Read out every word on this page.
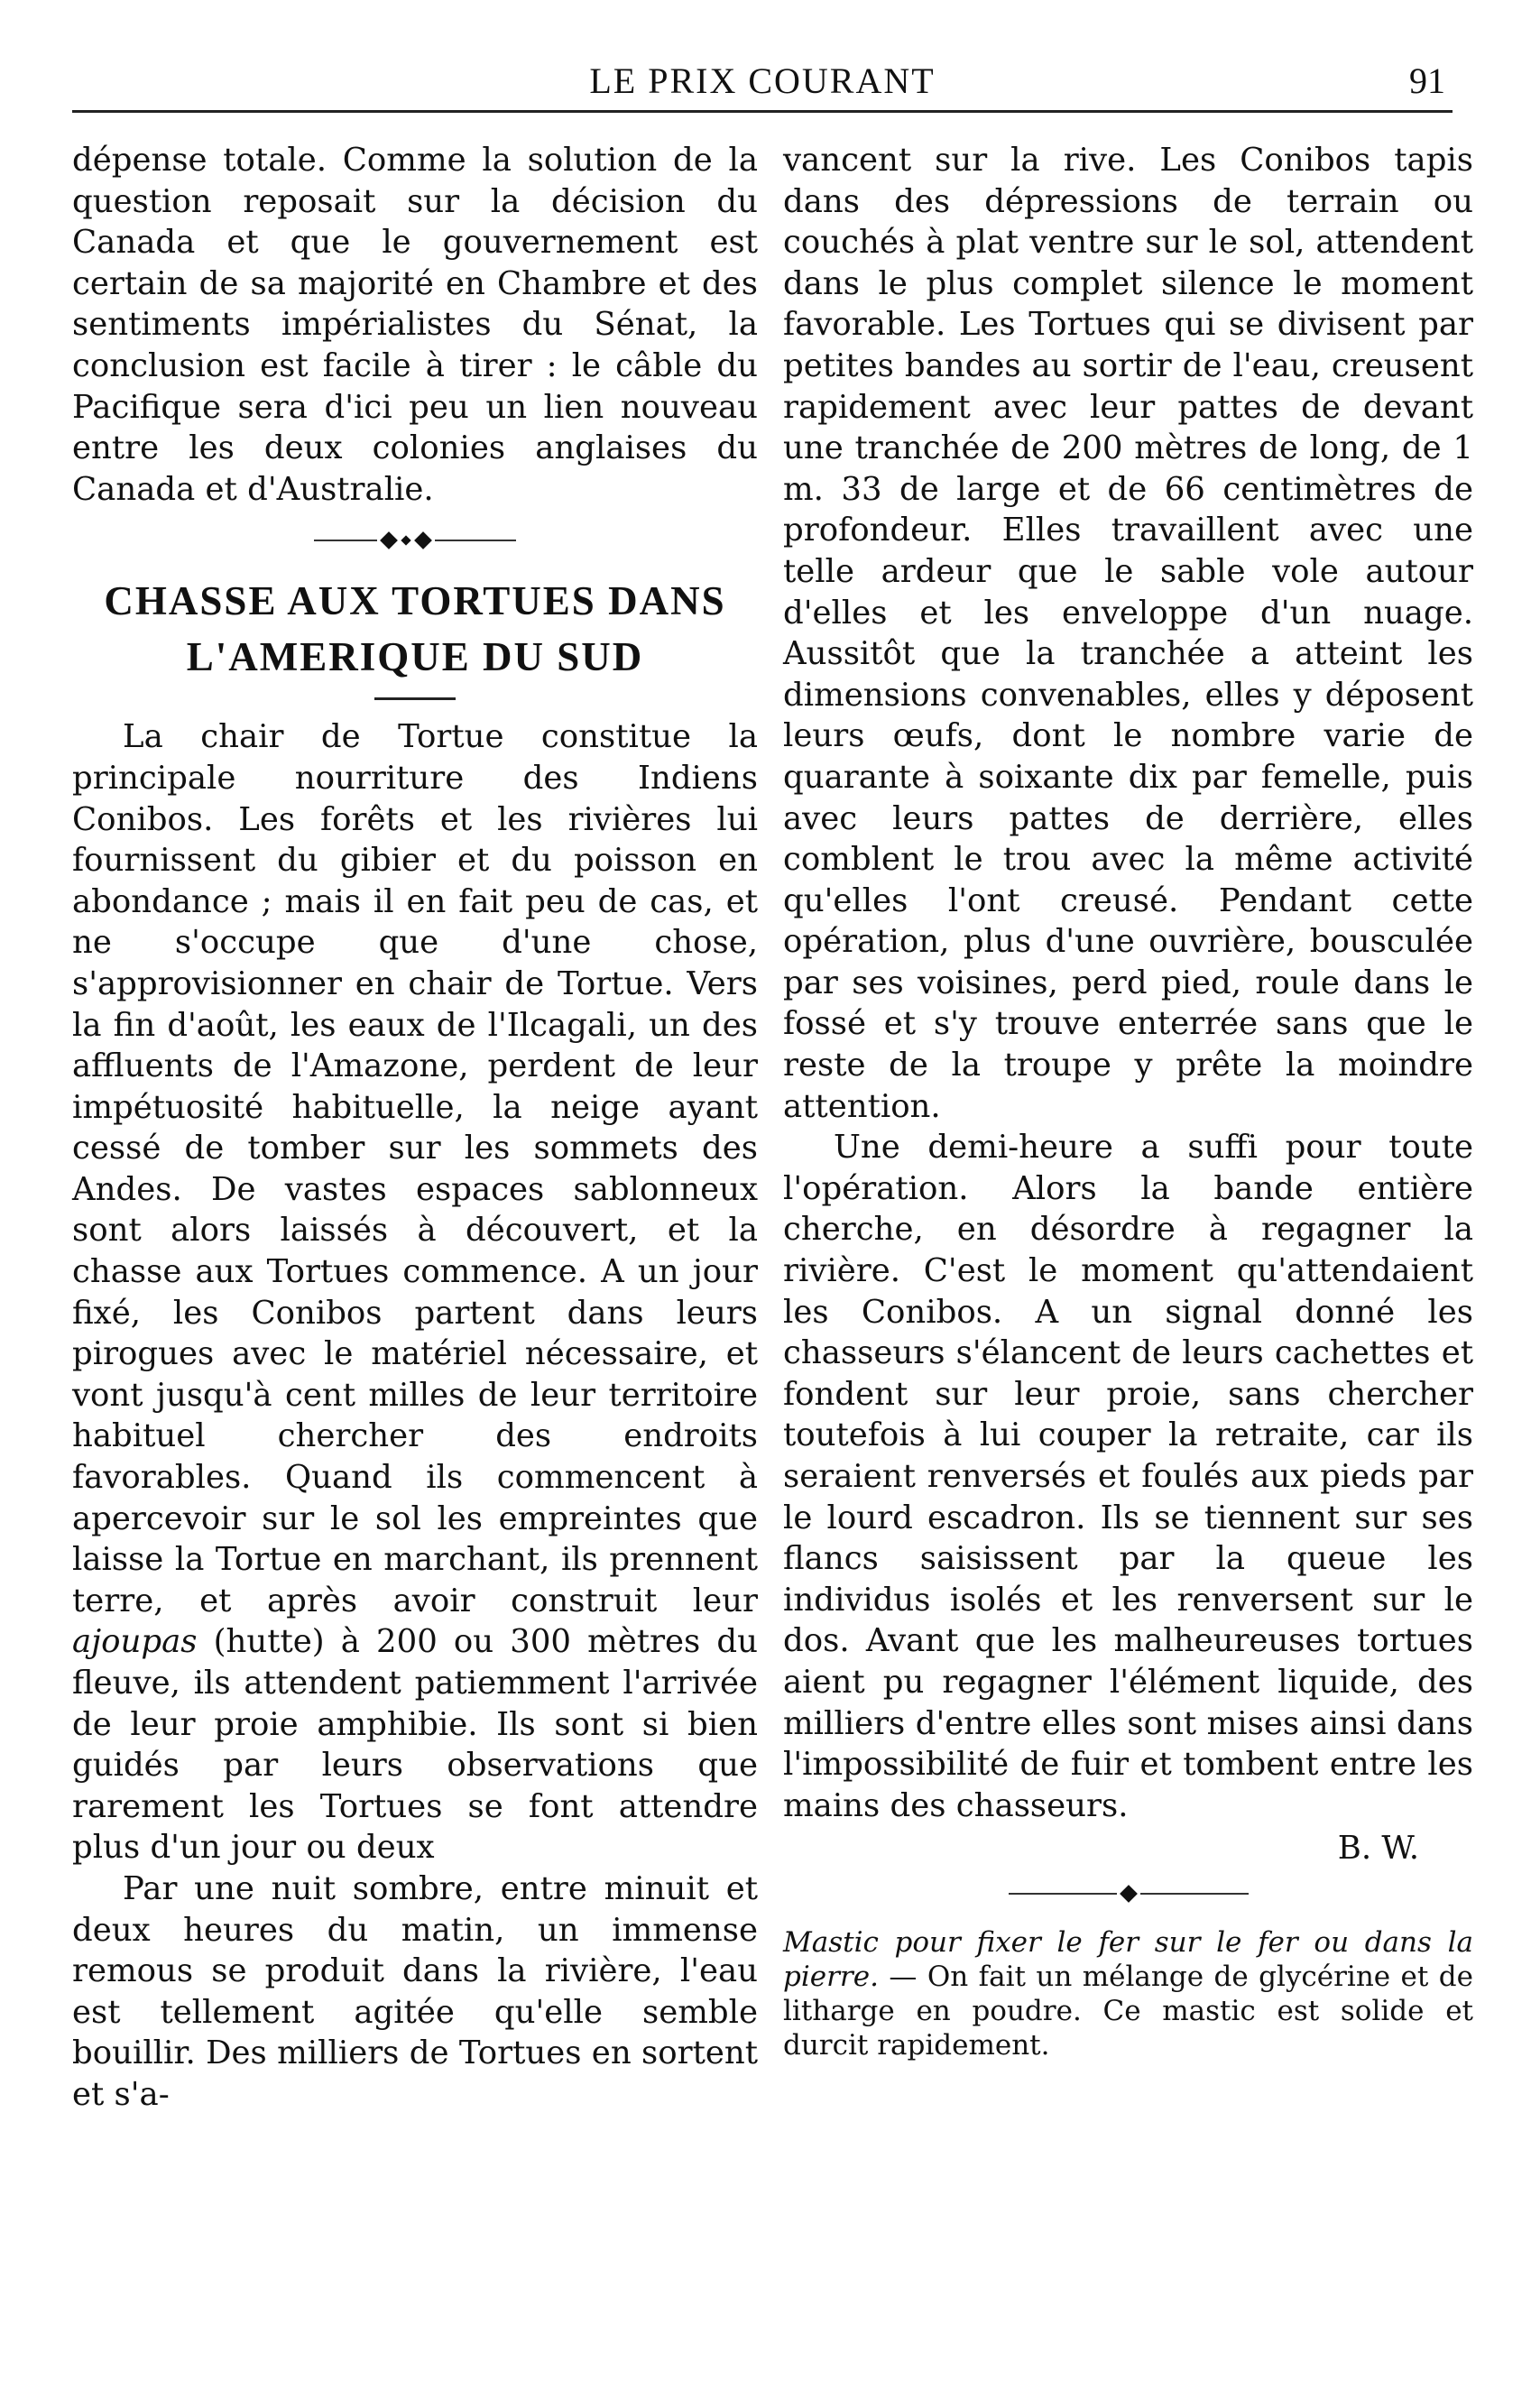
LE PRIX COURANT	91

dépense totale. Comme la solution de la question reposait sur la décision du Canada et que le gouvernement est certain de sa majorité en Chambre et des sentiments impérialistes du Sénat, la conclusion est facile à tirer : le câble du Pacifique sera d'ici peu un lien nouveau entre les deux colonies anglaises du Canada et d'Australie.

CHASSE AUX TORTUES DANS
L'AMERIQUE DU SUD

La chair de Tortue constitue la principale nourriture des Indiens Conibos. Les forêts et les rivières lui fournissent du gibier et du poisson en abondance ; mais il en fait peu de cas, et ne s'occupe que d'une chose, s'approvisionner en chair de Tortue. Vers la fin d'août, les eaux de l'Ilcagali, un des affluents de l'Amazone, perdent de leur impétuosité habituelle, la neige ayant cessé de tomber sur les sommets des Andes. De vastes espaces sablonneux sont alors laissés à découvert, et la chasse aux Tortues commence. A un jour fixé, les Conibos partent dans leurs pirogues avec le matériel nécessaire, et vont jusqu'à cent milles de leur territoire habituel chercher des endroits favorables. Quand ils commencent à apercevoir sur le sol les empreintes que laisse la Tortue en marchant, ils prennent terre, et après avoir construit leur ajoupas (hutte) à 200 ou 300 mètres du fleuve, ils attendent patiemment l'arrivée de leur proie amphibie. Ils sont si bien guidés par leurs observations que rarement les Tortues se font attendre plus d'un jour ou deux

Par une nuit sombre, entre minuit et deux heures du matin, un immense remous se produit dans la rivière, l'eau est tellement agitée qu'elle semble bouillir. Des milliers de Tortues en sortent et s'a-

vancent sur la rive. Les Conibos tapis dans des dépressions de terrain ou couchés à plat ventre sur le sol, attendent dans le plus complet silence le moment favorable. Les Tortues qui se divisent par petites bandes au sortir de l'eau, creusent rapidement avec leur pattes de devant une tranchée de 200 mètres de long, de 1 m. 33 de large et de 66 centimètres de profondeur. Elles travaillent avec une telle ardeur que le sable vole autour d'elles et les enveloppe d'un nuage. Aussitôt que la tranchée a atteint les dimensions convenables, elles y déposent leurs œufs, dont le nombre varie de quarante à soixante dix par femelle, puis avec leurs pattes de derrière, elles comblent le trou avec la même activité qu'elles l'ont creusé. Pendant cette opération, plus d'une ouvrière, bousculée par ses voisines, perd pied, roule dans le fossé et s'y trouve enterrée sans que le reste de la troupe y prête la moindre attention.

Une demi-heure a suffi pour toute l'opération. Alors la bande entière cherche, en désordre à regagner la rivière. C'est le moment qu'attendaient les Conibos. A un signal donné les chasseurs s'élancent de leurs cachettes et fondent sur leur proie, sans chercher toutefois à lui couper la retraite, car ils seraient renversés et foulés aux pieds par le lourd escadron. Ils se tiennent sur ses flancs saisissent par la queue les individus isolés et les renversent sur le dos. Avant que les malheureuses tortues aient pu regagner l'élément liquide, des milliers d'entre elles sont mises ainsi dans l'impossibilité de fuir et tombent entre les mains des chasseurs.

B. W.
Mastic pour fixer le fer sur le fer ou dans la pierre. — On fait un mélange de glycérine et de litharge en poudre. Ce mastic est solide et durcit rapidement.
